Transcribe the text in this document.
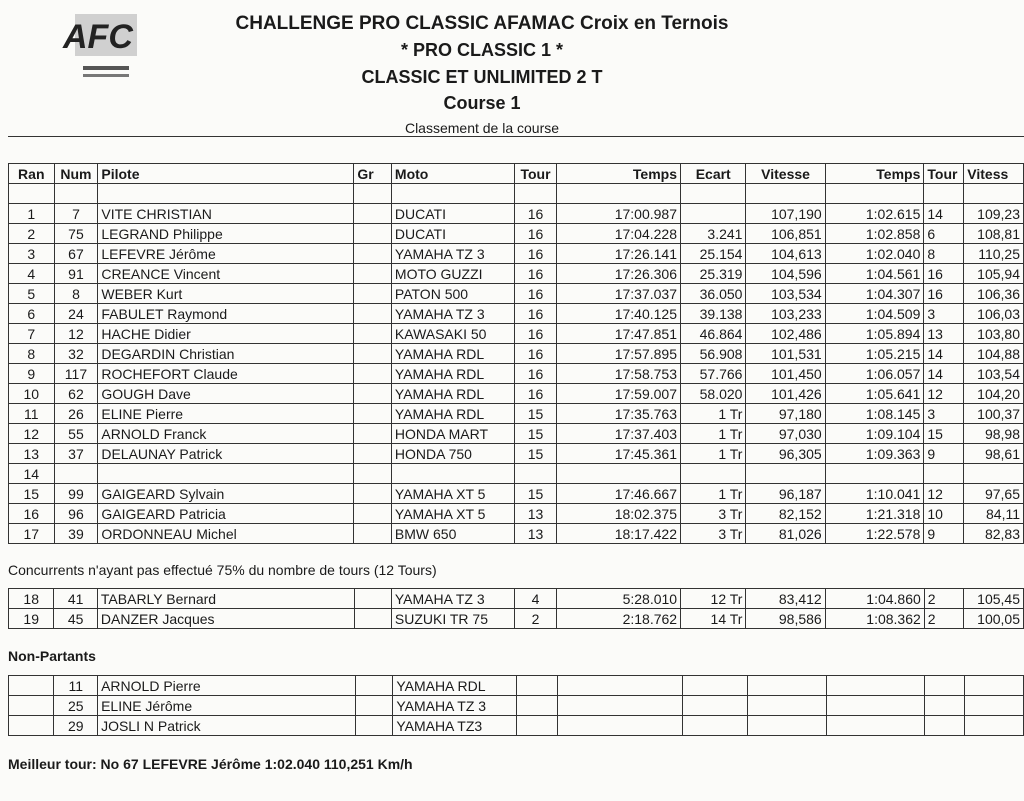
AFC	CHALLENGE PRO CLASSIC AFAMAC Croix en Ternois
* PRO CLASSIC 1 *
CLASSIC ET UNLIMITED 2 T
Course 1
Classement de la course
Ran	Num	Pilote	Gr	Moto	Tour	Temps	Ecart	Vitesse	Temps	Tour	Vitess

1	7	VITE CHRISTIAN		DUCATI	16	17:00.987		107,190	1:02.615	14	109,23
2	75	LEGRAND Philippe		DUCATI	16	17:04.228	3.241	106,851	1:02.858	6	108,81
3	67	LEFEVRE Jérôme		YAMAHA TZ 3	16	17:26.141	25.154	104,613	1:02.040	8	110,25
4	91	CREANCE Vincent		MOTO GUZZI	16	17:26.306	25.319	104,596	1:04.561	16	105,94
5	8	WEBER Kurt		PATON 500	16	17:37.037	36.050	103,534	1:04.307	16	106,36
6	24	FABULET Raymond		YAMAHA TZ 3	16	17:40.125	39.138	103,233	1:04.509	3	106,03
7	12	HACHE Didier		KAWASAKI 50	16	17:47.851	46.864	102,486	1:05.894	13	103,80
8	32	DEGARDIN Christian		YAMAHA RDL	16	17:57.895	56.908	101,531	1:05.215	14	104,88
9	117	ROCHEFORT Claude		YAMAHA RDL	16	17:58.753	57.766	101,450	1:06.057	14	103,54
10	62	GOUGH Dave		YAMAHA RDL	16	17:59.007	58.020	101,426	1:05.641	12	104,20
11	26	ELINE Pierre		YAMAHA RDL	15	17:35.763	1 Tr	97,180	1:08.145	3	100,37
12	55	ARNOLD Franck		HONDA MART	15	17:37.403	1 Tr	97,030	1:09.104	15	98,98
13	37	DELAUNAY Patrick		HONDA 750	15	17:45.361	1 Tr	96,305	1:09.363	9	98,61
14											
15	99	GAIGEARD Sylvain		YAMAHA XT 5	15	17:46.667	1 Tr	96,187	1:10.041	12	97,65
16	96	GAIGEARD Patricia		YAMAHA XT 5	13	18:02.375	3 Tr	82,152	1:21.318	10	84,11
17	39	ORDONNEAU Michel		BMW 650	13	18:17.422	3 Tr	81,026	1:22.578	9	82,83
Concurrents n'ayant pas effectué 75% du nombre de tours (12 Tours)
18	41	TABARLY Bernard		YAMAHA TZ 3	4	5:28.010	12 Tr	83,412	1:04.860	2	105,45
19	45	DANZER Jacques		SUZUKI TR 75	2	2:18.762	14 Tr	98,586	1:08.362	2	100,05
Non-Partants
	11	ARNOLD Pierre		YAMAHA RDL							
	25	ELINE Jérôme		YAMAHA TZ 3							
	29	JOSLI N Patrick		YAMAHA TZ3							
Meilleur tour: No 67 LEFEVRE Jérôme 1:02.040 110,251 Km/h
